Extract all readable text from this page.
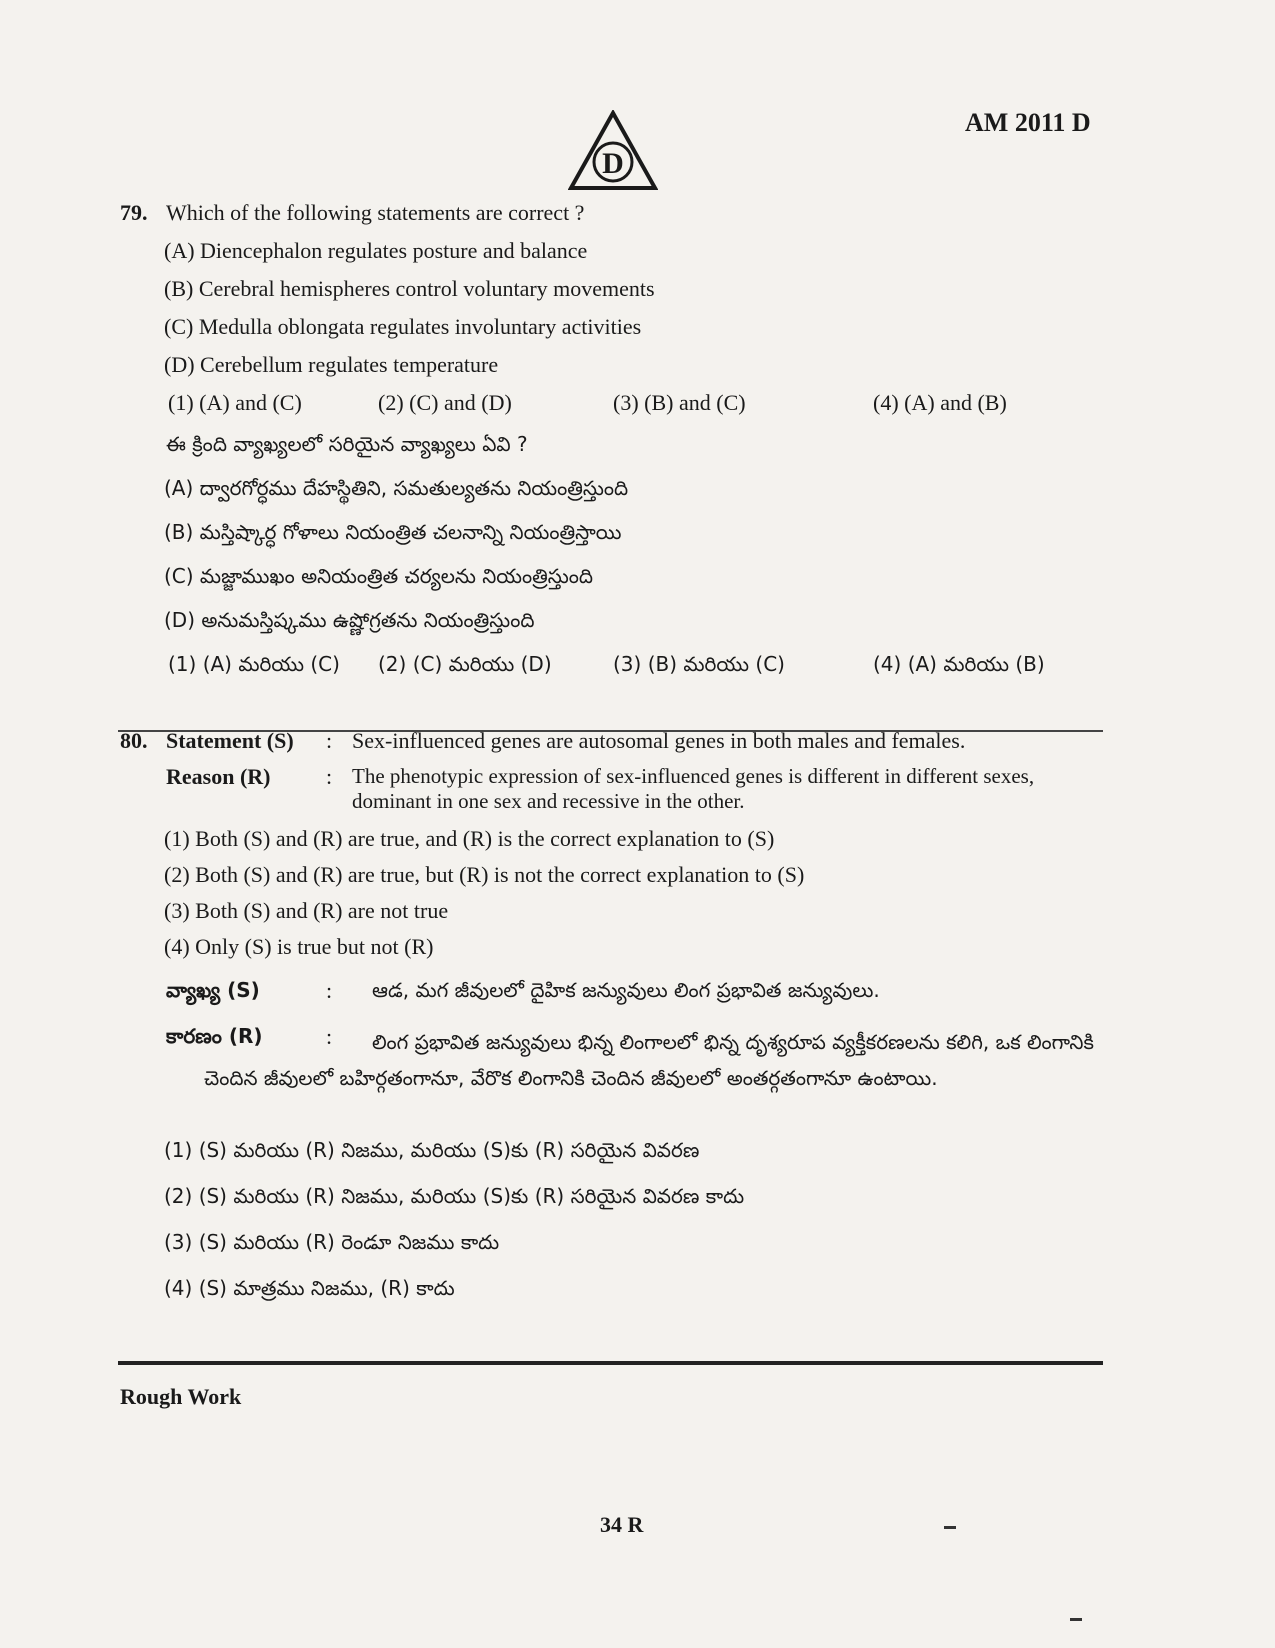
AM 2011 D
D
79. Which of the following statements are correct ?
(A) Diencephalon regulates posture and balance
(B) Cerebral hemispheres control voluntary movements
(C) Medulla oblongata regulates involuntary activities
(D) Cerebellum regulates temperature
(1) (A) and (C)	(2) (C) and (D)	(3) (B) and (C)	(4) (A) and (B)
ఈ క్రింది వ్యాఖ్యలలో సరియైన వ్యాఖ్యలు ఏవి ?
(A) ద్వారగోర్ధము దేహస్థితిని, సమతుల్యతను నియంత్రిస్తుంది
(B) మస్తిష్కార్ధ గోళాలు నియంత్రిత చలనాన్ని నియంత్రిస్తాయి
(C) మజ్జాముఖం అనియంత్రిత చర్యలను నియంత్రిస్తుంది
(D) అనుమస్తిష్కము ఉష్ణోగ్రతను నియంత్రిస్తుంది
(1) (A) మరియు (C) (2) (C) మరియు (D)	(3) (B) మరియు (C)	(4) (A) మరియు (B)
80. Statement (S) : Sex-influenced genes are autosomal genes in both males and females.
Reason (R)	: The phenotypic expression of sex-influenced genes is different in different sexes, dominant in one sex and recessive in the other.
(1) Both (S) and (R) are true, and (R) is the correct explanation to (S)
(2) Both (S) and (R) are true, but (R) is not the correct explanation to (S)
(3) Both (S) and (R) are not true
(4) Only (S) is true but not (R)
వ్యాఖ్య (S)	: ఆడ, మగ జీవులలో దైహిక జన్యువులు లింగ ప్రభావిత జన్యువులు.
కారణం (R)	:	లింగ ప్రభావిత జన్యువులు భిన్న లింగాలలో భిన్న దృశ్యరూప వ్యక్తీకరణలను కలిగి, ఒక లింగానికి చెందిన జీవులలో బహిర్గతంగానూ, వేరొక లింగానికి చెందిన జీవులలో అంతర్గతంగానూ ఉంటాయి.
(1) (S) మరియు (R) నిజము, మరియు (S)కు (R) సరియైన వివరణ
(2) (S) మరియు (R) నిజము, మరియు (S)కు (R) సరియైన వివరణ కాదు
(3) (S) మరియు (R) రెండూ నిజము కాదు
(4) (S) మాత్రము నిజము, (R) కాదు
Rough Work
34 R
